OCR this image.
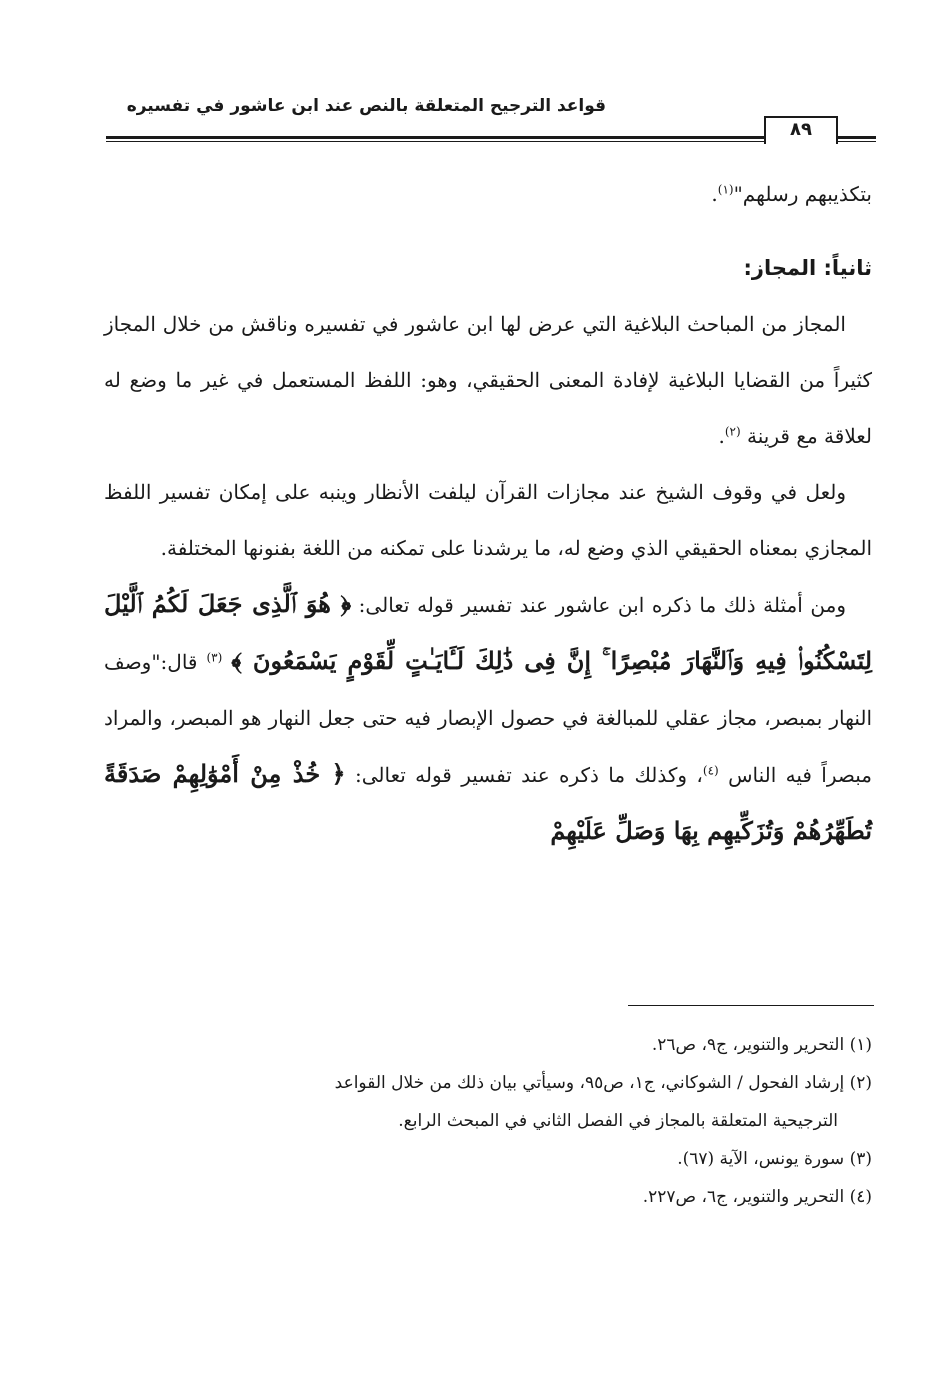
قواعد الترجيح المتعلقة بالنص عند ابن عاشور في تفسيره
٨٩

بتكذيبهم رسلهم"$^{(١)}$.

ثانياً: المجاز:

المجاز من المباحث البلاغية التي عرض لها ابن عاشور في تفسيره وناقش من خلال المجاز كثيراً من القضايا البلاغية لإفادة المعنى الحقيقي، وهو: اللفظ المستعمل في غير ما وضع له لعلاقة مع قرينة $^{(٢)}$.

ولعل في وقوف الشيخ عند مجازات القرآن ليلفت الأنظار وينبه على إمكان تفسير اللفظ المجازي بمعناه الحقيقي الذي وضع له، ما يرشدنا على تمكنه من اللغة بفنونها المختلفة.

ومن أمثلة ذلك ما ذكره ابن عاشور عند تفسير قوله تعالى: ﴿ هُوَ ٱلَّذِى جَعَلَ لَكُمُ ٱلَّيْلَ لِتَسْكُنُوا۟ فِيهِ وَٱلنَّهَارَ مُبْصِرًا ۚ إِنَّ فِى ذَٰلِكَ لَـَٔايَـٰتٍ لِّقَوْمٍ يَسْمَعُونَ ﴾ $^{(٣)}$ قال:"وصف النهار بمبصر، مجاز عقلي للمبالغة في حصول الإبصار فيه حتى جعل النهار هو المبصر، والمراد مبصراً فيه الناس $^{(٤)}$، وكذلك ما ذكره عند تفسير قوله تعالى: ﴿ خُذْ مِنْ أَمْوَٰلِهِمْ صَدَقَةً تُطَهِّرُهُمْ وَتُزَكِّيهِم بِهَا وَصَلِّ عَلَيْهِمْ

(١) التحرير والتنوير، ج٩، ص٢٦.

(٢) إرشاد الفحول / الشوكاني، ج١، ص٩٥، وسيأتي بيان ذلك من خلال القواعد

الترجيحية المتعلقة بالمجاز في الفصل الثاني في المبحث الرابع.

(٣) سورة يونس، الآية (٦٧).

(٤) التحرير والتنوير، ج٦، ص٢٢٧.
